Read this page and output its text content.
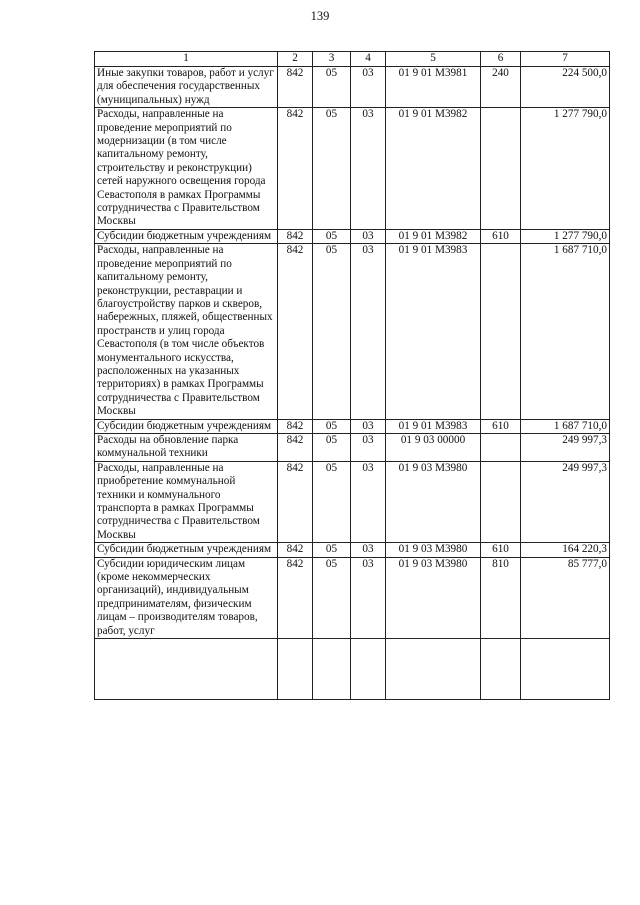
139
1	2	3	4	5	6	7
Иные закупки товаров, работ и услуг для обеспечения государственных (муниципальных) нужд	842	05	03	01 9 01 М3981	240	224 500,0
Расходы, направленные на проведение мероприятий по модернизации (в том числе капитальному ремонту, строительству и реконструкции) сетей наружного освещения города Севастополя в рамках Программы сотрудничества с Правительством Москвы	842	05	03	01 9 01 М3982		1 277 790,0
Субсидии бюджетным учреждениям	842	05	03	01 9 01 М3982	610	1 277 790,0
Расходы, направленные на проведение мероприятий по капитальному ремонту, реконструкции, реставрации и благоустройству парков и скверов, набережных, пляжей, общественных пространств и улиц города Севастополя (в том числе объектов монументального искусства, расположенных на указанных территориях) в рамках Программы сотрудничества с Правительством Москвы	842	05	03	01 9 01 М3983		1 687 710,0
Субсидии бюджетным учреждениям	842	05	03	01 9 01 М3983	610	1 687 710,0
Расходы на обновление парка коммунальной техники	842	05	03	01 9 03 00000		249 997,3
Расходы, направленные на приобретение коммунальной техники и коммунального транспорта в рамках Программы сотрудничества с Правительством Москвы	842	05	03	01 9 03 М3980		249 997,3
Субсидии бюджетным учреждениям	842	05	03	01 9 03 М3980	610	164 220,3
Субсидии юридическим лицам (кроме некоммерческих организаций), индивидуальным предпринимателям, физическим лицам – производителям товаров, работ, услуг	842	05	03	01 9 03 М3980	810	85 777,0
